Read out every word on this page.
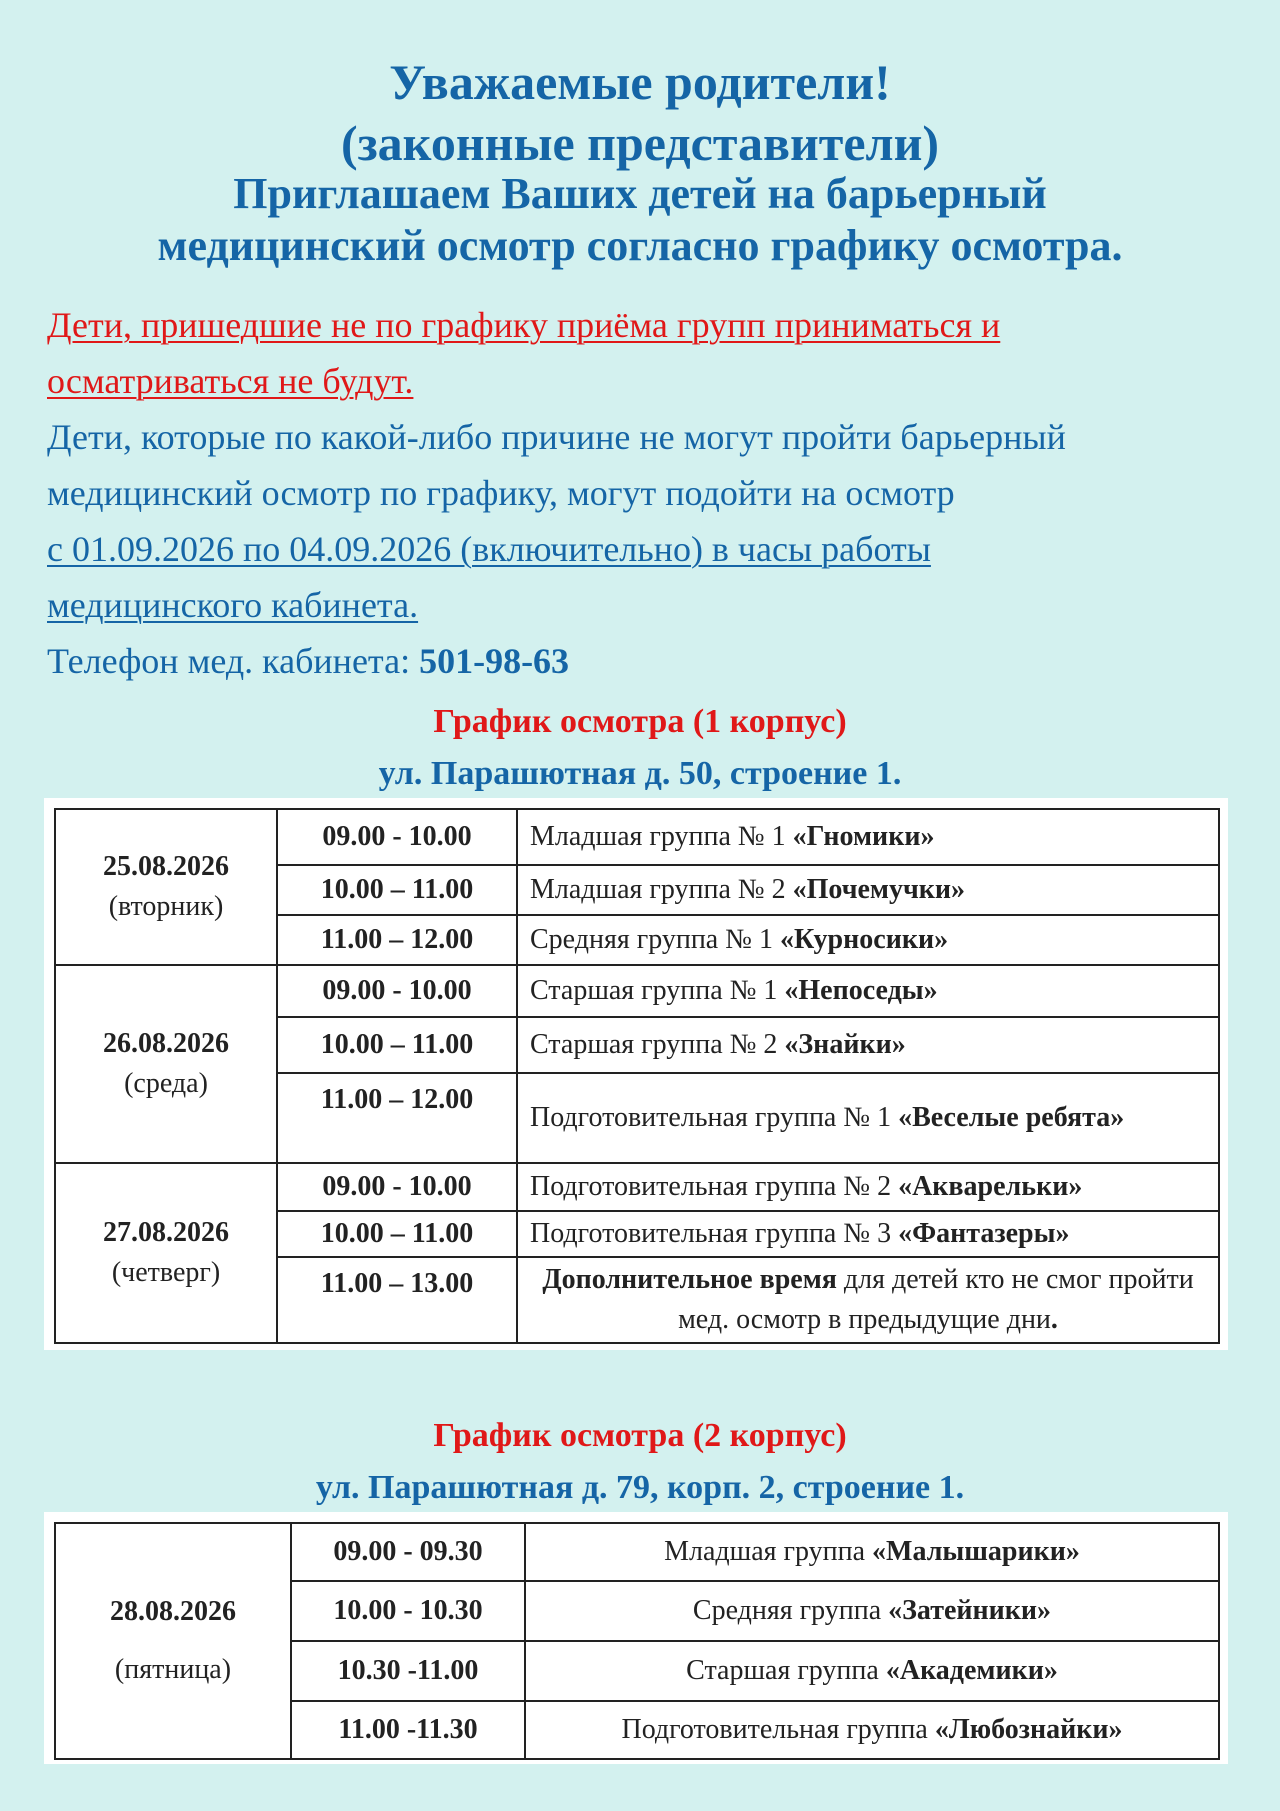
Уважаемые родители!

(законные представители)

Приглашаем Ваших детей на барьерный

медицинский осмотр согласно графику осмотра.

Дети, пришедшие не по графику приёма групп приниматься и

осматриваться не будут.

Дети, которые по какой-либо причине не могут пройти барьерный

медицинский осмотр по графику, могут подойти на осмотр

с 01.09.2026 по 04.09.2026 (включительно) в часы работы

медицинского кабинета.

Телефон мед. кабинета: 501-98-63

График осмотра (1 корпус)

ул. Парашютная д. 50, строение 1.

25.08.2026
(вторник)	09.00 - 10.00	Младшая группа № 1 «Гномики»
	10.00 – 11.00	Младшая группа № 2 «Почемучки»
	11.00 – 12.00	Средняя группа № 1 «Курносики»

26.08.2026
(среда)	09.00 - 10.00	Старшая группа № 1 «Непоседы»
	10.00 – 11.00	Старшая группа № 2 «Знайки»
	11.00 – 12.00	Подготовительная группа № 1 «Веселые ребята»

27.08.2026
(четверг)	09.00 - 10.00	Подготовительная группа № 2 «Акварельки»
	10.00 – 11.00	Подготовительная группа № 3 «Фантазеры»
	11.00 – 13.00	Дополнительное время для детей кто не смог пройти мед. осмотр в предыдущие дни.

График осмотра (2 корпус)

ул. Парашютная д. 79, корп. 2, строение 1.

28.08.2026
(пятница)	09.00 - 09.30	Младшая группа «Малышарики»
	10.00 - 10.30	Средняя группа «Затейники»
	10.30 -11.00	Старшая группа «Академики»
	11.00 -11.30	Подготовительная группа «Любознайки»
